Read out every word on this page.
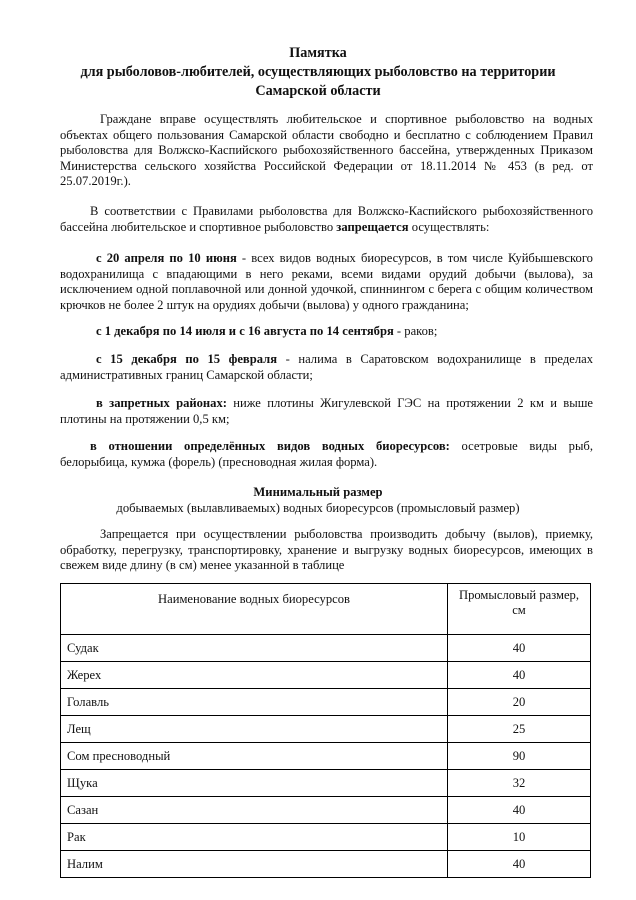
Памятка
для рыболовов-любителей, осуществляющих рыболовство на территории
Самарской области
Граждане вправе осуществлять любительское и спортивное рыболовство на водных объектах общего пользования Самарской области свободно и бесплатно с соблюдением Правил рыболовства для Волжско-Каспийского рыбохозяйственного бассейна, утвержденных Приказом Министерства сельского хозяйства Российской Федерации от 18.11.2014 № 453 (в ред. от 25.07.2019г.).
В соответствии с Правилами рыболовства для Волжско-Каспийского рыбохозяйственного бассейна любительское и спортивное рыболовство запрещается осуществлять:
с 20 апреля по 10 июня - всех видов водных биоресурсов, в том числе Куйбышевского водохранилища с впадающими в него реками, всеми видами орудий добычи (вылова), за исключением одной поплавочной или донной удочкой, спиннингом с берега с общим количеством крючков не более 2 штук на орудиях добычи (вылова) у одного гражданина;
с 1 декабря по 14 июля и с 16 августа по 14 сентября - раков;
с 15 декабря по 15 февраля - налима в Саратовском водохранилище в пределах административных границ Самарской области;
в запретных районах: ниже плотины Жигулевской ГЭС на протяжении 2 км и выше плотины на протяжении 0,5 км;
в отношении определённых видов водных биоресурсов: осетровые виды рыб, белорыбица, кумжа (форель) (пресноводная жилая форма).
Минимальный размер
добываемых (вылавливаемых) водных биоресурсов (промысловый размер)
Запрещается при осуществлении рыболовства производить добычу (вылов), приемку, обработку, перегрузку, транспортировку, хранение и выгрузку водных биоресурсов, имеющих в свежем виде длину (в см) менее указанной в таблице
Наименование водных биоресурсов	Промысловый размер, см
Судак	40
Жерех	40
Голавль	20
Лещ	25
Сом пресноводный	90
Щука	32
Сазан	40
Рак	10
Налим	40
